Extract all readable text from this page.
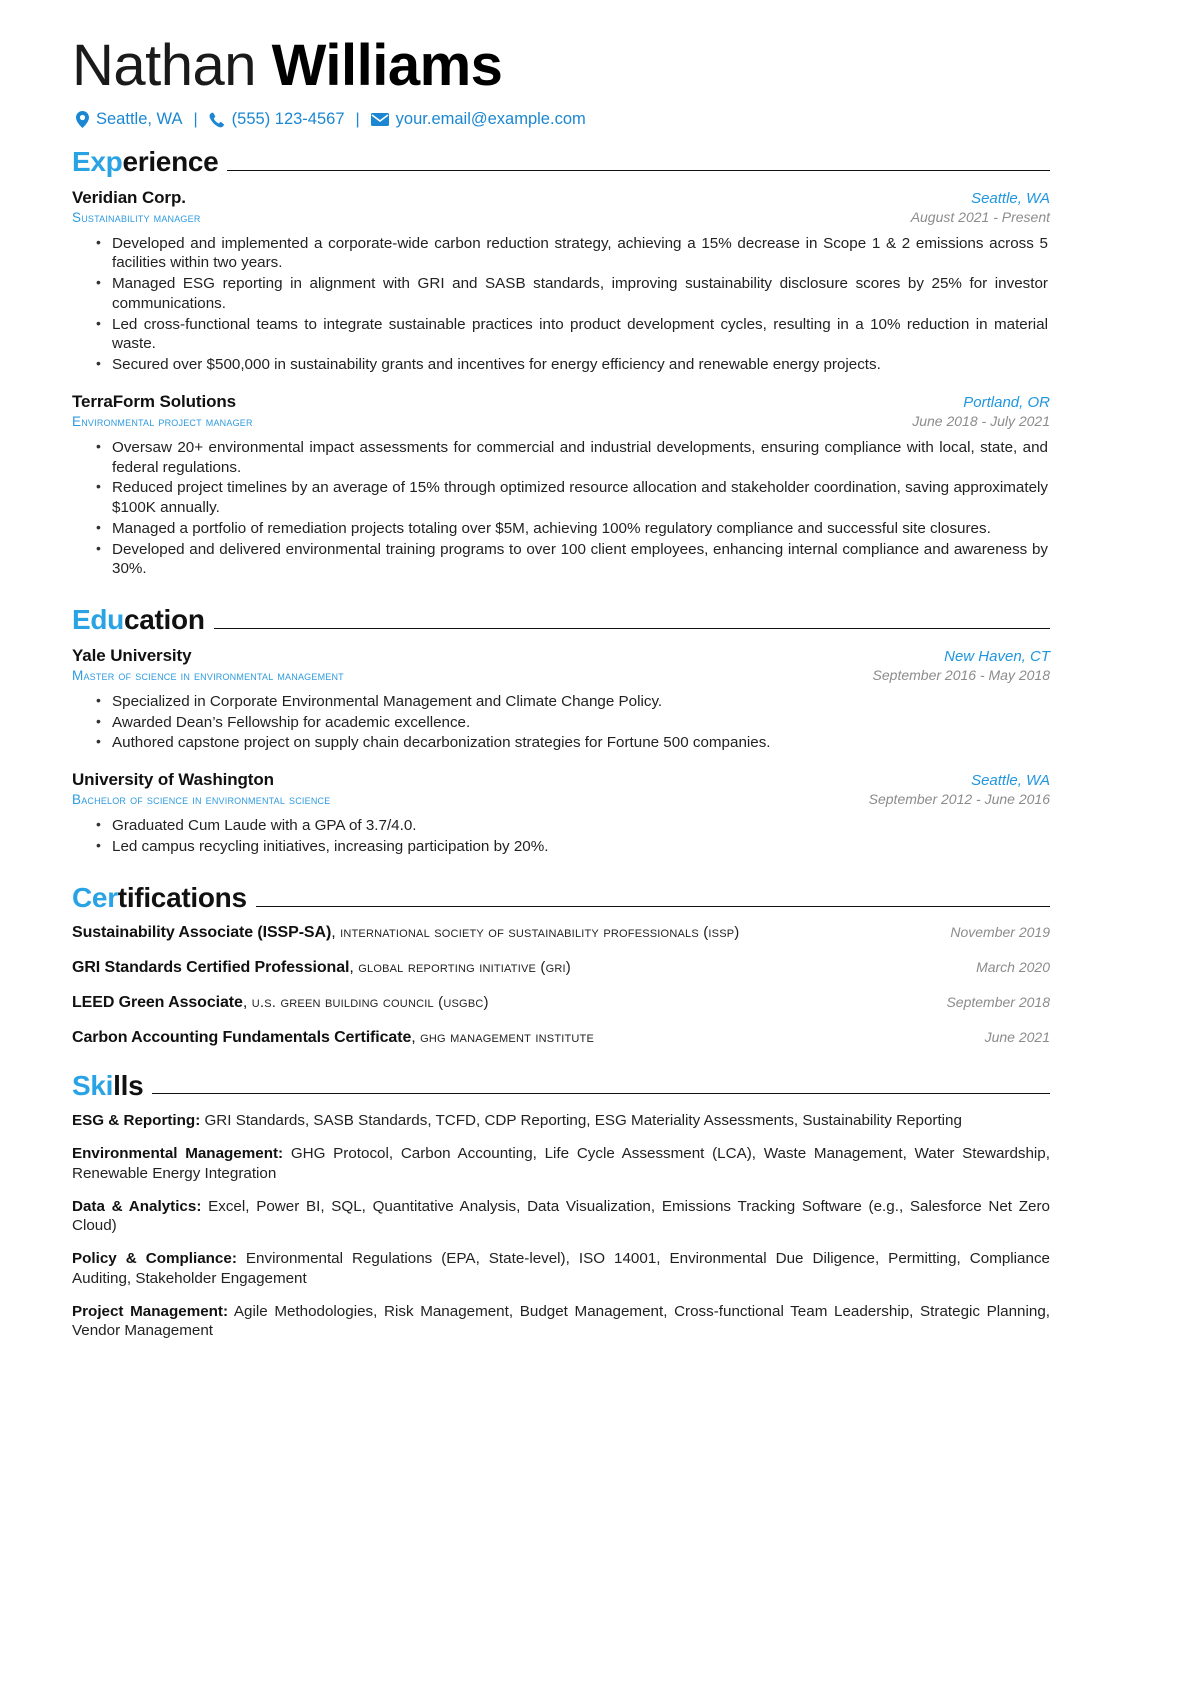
Nathan Williams
Seattle, WA |	(555) 123-4567 |	your.email@example.com
Experience
Veridian Corp.	Seattle, WA
Sustainability manager	August 2021 - Present
• Developed and implemented a corporate-wide carbon reduction strategy, achieving a 15% decrease in Scope 1 & 2 emissions across 5 facilities within two years.
• Managed ESG reporting in alignment with GRI and SASB standards, improving sustainability disclosure scores by 25% for investor communications.
• Led cross-functional teams to integrate sustainable practices into product development cycles, resulting in a 10% reduction in material waste.
• Secured over $500,000 in sustainability grants and incentives for energy efficiency and renewable energy projects.
TerraForm Solutions	Portland, OR
Environmental project manager	June 2018 - July 2021
• Oversaw 20+ environmental impact assessments for commercial and industrial developments, ensuring compliance with local, state, and federal regulations.
• Reduced project timelines by an average of 15% through optimized resource allocation and stakeholder coordination, saving approximately $100K annually.
• Managed a portfolio of remediation projects totaling over $5M, achieving 100% regulatory compliance and successful site closures.
• Developed and delivered environmental training programs to over 100 client employees, enhancing internal compliance and awareness by 30%.
Education
Yale University	New Haven, CT
Master of science in environmental management	September 2016 - May 2018
• Specialized in Corporate Environmental Management and Climate Change Policy.
• Awarded Dean’s Fellowship for academic excellence.
• Authored capstone project on supply chain decarbonization strategies for Fortune 500 companies.
University of Washington	Seattle, WA
Bachelor of science in environmental science	September 2012 - June 2016
• Graduated Cum Laude with a GPA of 3.7/4.0.
• Led campus recycling initiatives, increasing participation by 20%.
Certifications
Sustainability Associate (ISSP-SA), international society of sustainability professionals (issp)	November 2019
GRI Standards Certified Professional, global reporting initiative (gri)	March 2020
LEED Green Associate, u.s. green building council (usgbc)	September 2018
Carbon Accounting Fundamentals Certificate, ghg management institute	June 2021
Skills
ESG & Reporting: GRI Standards, SASB Standards, TCFD, CDP Reporting, ESG Materiality Assessments, Sustainability Reporting
Environmental Management: GHG Protocol, Carbon Accounting, Life Cycle Assessment (LCA), Waste Management, Water Stewardship, Renewable Energy Integration
Data & Analytics: Excel, Power BI, SQL, Quantitative Analysis, Data Visualization, Emissions Tracking Software (e.g., Salesforce Net Zero Cloud)
Policy & Compliance: Environmental Regulations (EPA, State-level), ISO 14001, Environmental Due Diligence, Permitting, Compliance Auditing, Stakeholder Engagement
Project Management: Agile Methodologies, Risk Management, Budget Management, Cross-functional Team Leadership, Strategic Planning, Vendor Management
